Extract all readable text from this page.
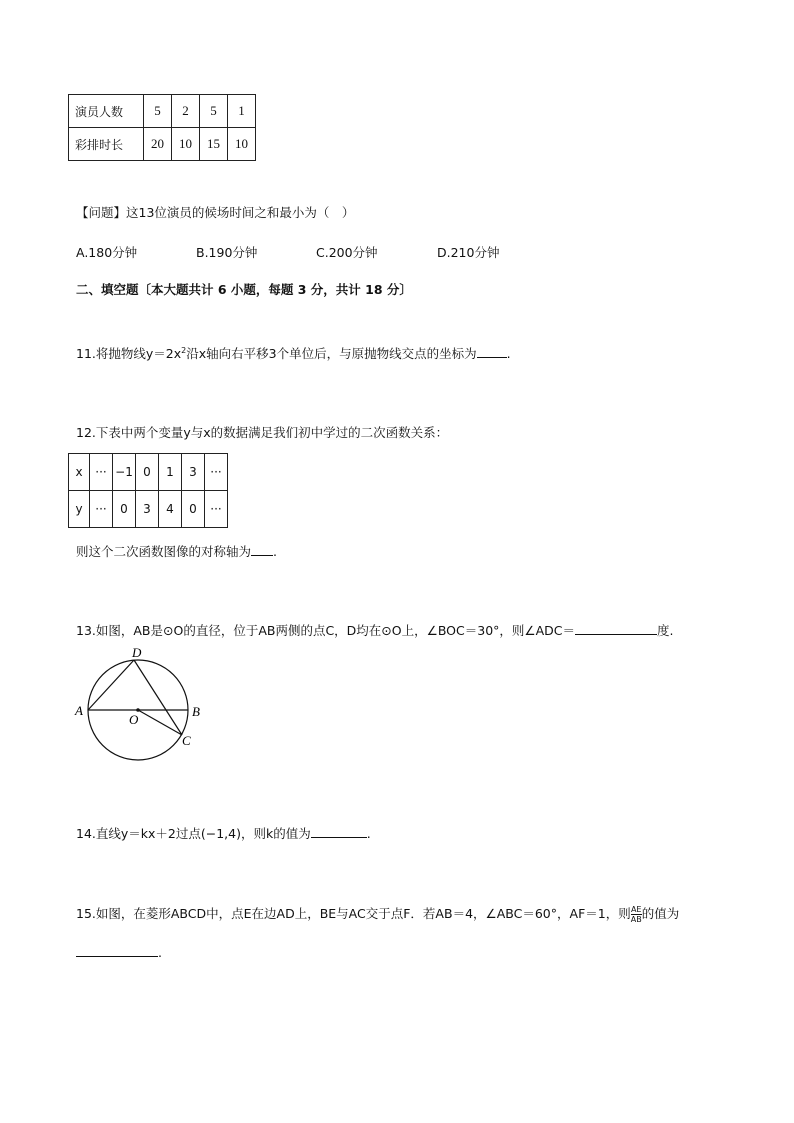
演员人数	5	2	5	1
彩排时长	20	10	15	10
【问题】这13位演员的候场时间之和最小为（　）
A.180分钟	B.190分钟	C.200分钟	D.210分钟
二、填空题〔本大题共计 6 小题，每题 3 分，共计 18 分〕
11.将抛物线$y=2x^2$沿x轴向右平移3个单位后，与原抛物线交点的坐标为 .
12.下表中两个变量y与x的数据满足我们初中学过的二次函数关系：
x	···	−1	0	1	3	···
y	···	0	3	4	0	···
则这个二次函数图像的对称轴为 .
13.如图，AB是⊙O的直径，位于AB两侧的点C，D均在⊙O上，∠BOC＝30°，则∠ADC＝	度.
D
A	B
O
C
14.直线y＝kx＋2过点(−1,4)，则k的值为	.
15.如图，在菱形ABCD中，点E在边AD上，BE与AC交于点F．若AB＝4，∠ABC＝60°，AF＝1，则 $\frac{AE}{AB}$ 的值为
.
